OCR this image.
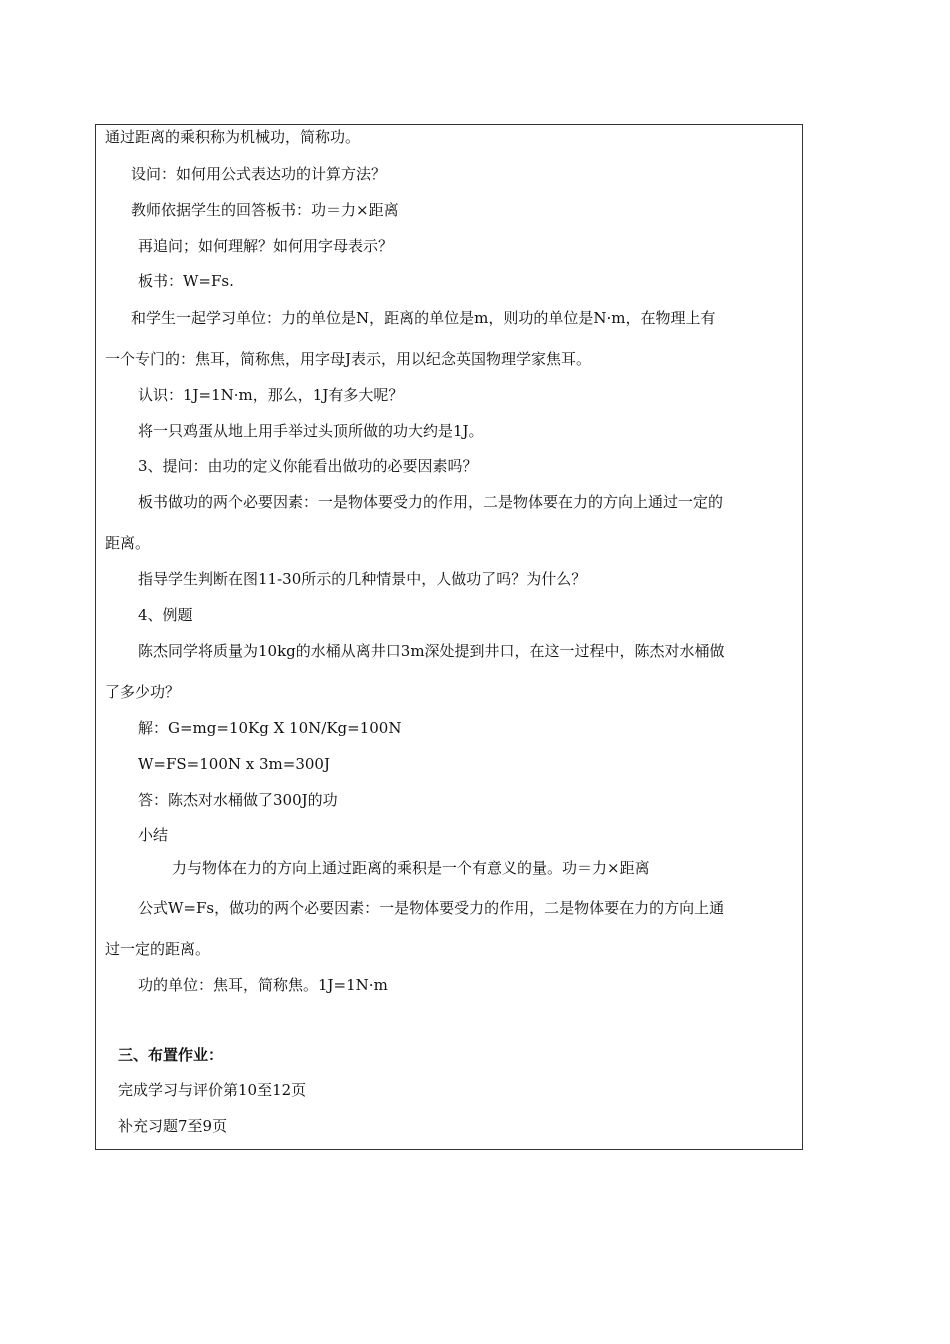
通过距离的乘积称为机械功，简称功。
设问：如何用公式表达功的计算方法？
教师依据学生的回答板书：功＝力×距离
再追问；如何理解？如何用字母表示？
板书：W=Fs.
和学生一起学习单位：力的单位是N，距离的单位是m，则功的单位是N·m，在物理上有
一个专门的：焦耳，简称焦，用字母J表示，用以纪念英国物理学家焦耳。
认识：1J=1N·m，那么，1J有多大呢？
将一只鸡蛋从地上用手举过头顶所做的功大约是1J。
3、提问：由功的定义你能看出做功的必要因素吗？
板书做功的两个必要因素：一是物体要受力的作用，二是物体要在力的方向上通过一定的
距离。
指导学生判断在图11-30所示的几种情景中，人做功了吗？为什么？
4、例题
陈杰同学将质量为10kg的水桶从离井口3m深处提到井口，在这一过程中，陈杰对水桶做
了多少功？
解：G=mg=10Kg X 10N/Kg=100N
W=FS=100N x 3m=300J
答：陈杰对水桶做了300J的功
小结
力与物体在力的方向上通过距离的乘积是一个有意义的量。功＝力×距离
公式W=Fs，做功的两个必要因素：一是物体要受力的作用，二是物体要在力的方向上通
过一定的距离。
功的单位：焦耳，简称焦。1J=1N·m
三、布置作业：
完成学习与评价第10至12页
补充习题7至9页
